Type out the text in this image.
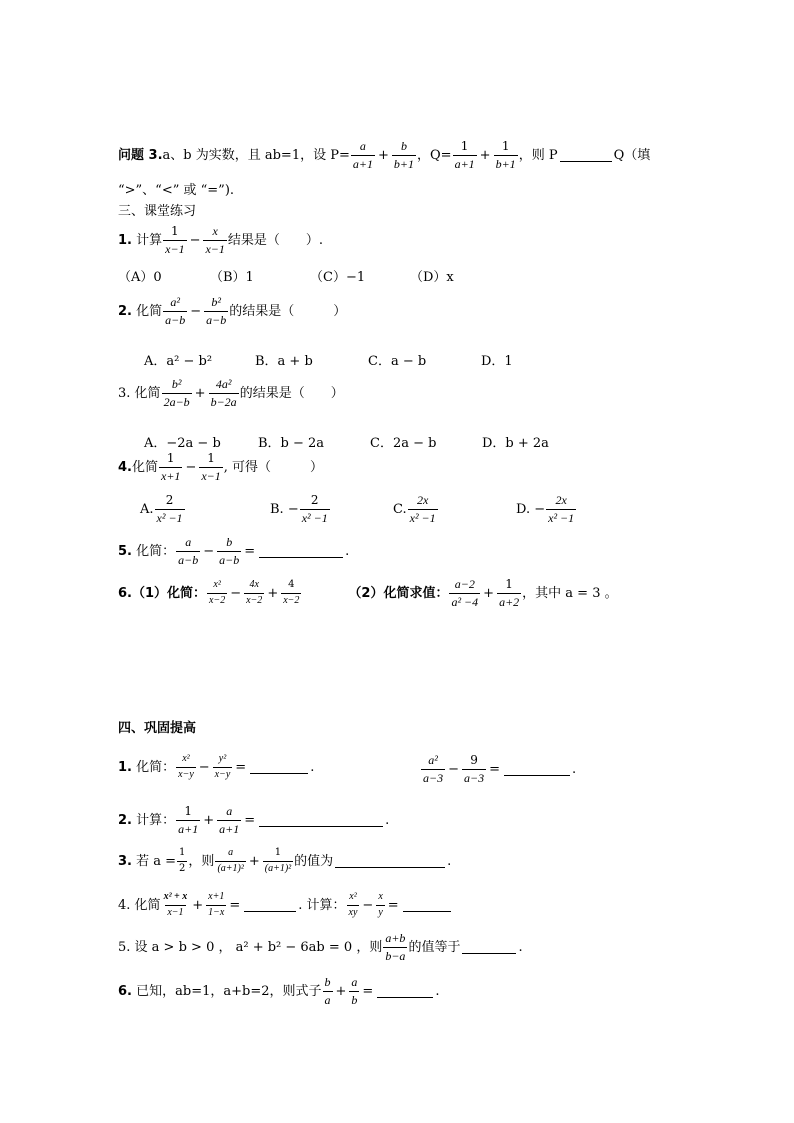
问题 3. a、b 为实数，且 ab=1，设 $P= \frac{a}{a+1} + \frac{b}{b+1}$ ，$Q= \frac{1}{a+1} + \frac{1}{b+1}$ ，则 P	Q（填
“>”、“<” 或 “=”).
三、课堂练习
1.
计算 $\frac{1}{x-1} - \frac{x}{x-1}$ 结果是（　　）.
（A）0	（B）1	（C）−1	（D）x
2.
化简 $\frac{\text{a²}}{a-b} - \frac{\text{b²}}{a-b}$ 的结果是（　　　）
A．a² − b²	B．a + b	C．a − b	D．1
3.
化简 $\frac{\text{b²}}{2a-b} + \frac{\text{4a²}}{b-2a}$ 的结果是（　　）
A．−2a − b	B．b − 2a	C．2a − b	D．b + 2a
4. 化简 $\frac{1}{x+1} - \frac{1}{x-1}$ , 可得（　　　）
A. $\frac{2}{\text{x² −1}}$	B. − $\frac{2}{\text{x² −1}}$	C. $\frac{2x}{\text{x² −1}}$	D. − $\frac{2x}{\text{x² −1}}$
5.
化简： $\frac{a}{a-b} - \frac{b}{a-b}$ =	.
6. （1）化简： $\frac{\text{x²}}{x-2} - \frac{4x}{x-2} + \frac{4}{x-2}$	（2）化简求值： $\frac{a-2}{\text{a² −4}} + \frac{1}{a+2}$ ，其中 a = 3 。
四、巩固提高
1.
化简： $\frac{\text{x²}}{x-y} - \frac{\text{y²}}{x-y}$ =	.	$\frac{\text{a²}}{a-3} - \frac{9}{a-3}$ =	.
2.
计算： $\frac{1}{a+1} + \frac{a}{a+1}$ =	.
3.
若 $a = \frac{1}{2}$ ，则 $\frac{a}{\text{(a+1)²}} + \frac{1}{\text{(a+1)²}}$ 的值为	.
4.
化简 $\frac{\text{x² + x}}{x-1} + \frac{x+1}{1-x}$ =	. 计算： $\frac{\text{x²}}{xy} - \frac{x}{y}$ =
5.
设 a > b > 0 ， a² + b² − 6ab = 0 ，则 $\frac{a+b}{b-a}$ 的值等于	.
6.
已知，ab=1，a+b=2，则式子 $\frac{b}{a} + \frac{a}{b}$ =	.
